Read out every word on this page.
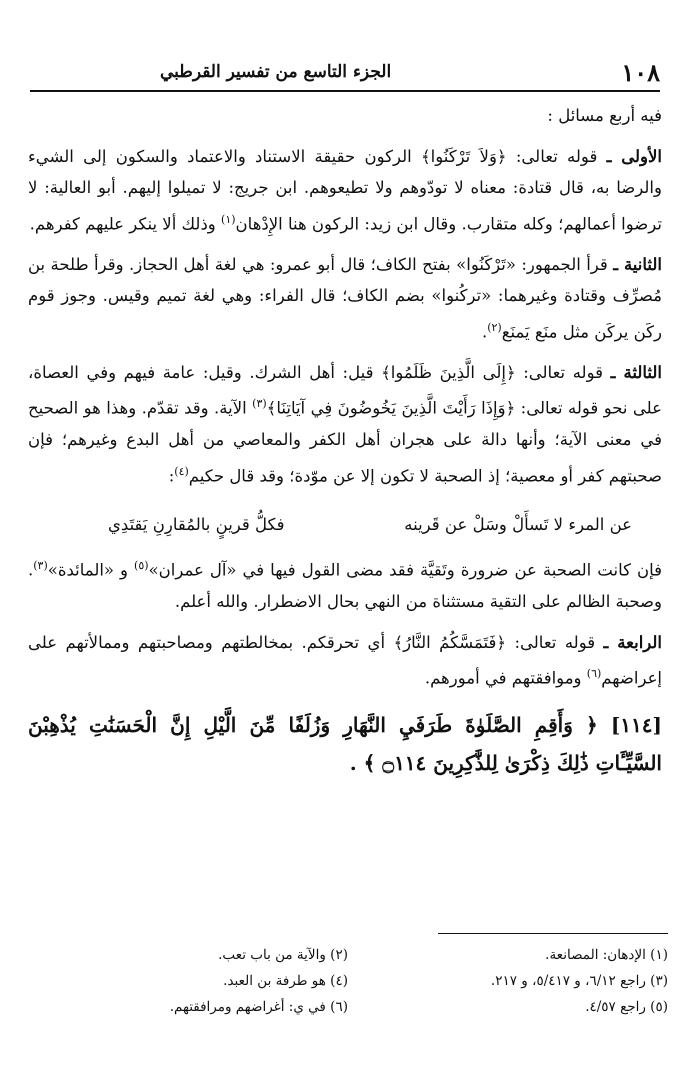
١٠٨
الجزء التاسع من تفسير القرطبي

فيه أربع مسائل :

الأولى ـ قوله تعالى: ﴿وَلاَ تَرْكَنُوا﴾ الركون حقيقة الاستناد والاعتماد والسكون إلى الشيء والرضا به، قال قتادة: معناه لا تودّوهم ولا تطيعوهم. ابن جريج: لا تميلوا إليهم. أبو العالية: لا ترضوا أعمالهم؛ وكله متقارب. وقال ابن زيد: الركون هنا الإِدْهان$^{(١)}$ وذلك ألا ينكر عليهم كفرهم.

الثانية ـ قرأ الجمهور: «تَرْكَنُوا» بفتح الكاف؛ قال أبو عمرو: هي لغة أهل الحجاز. وقرأ طلحة بن مُصرِّف وقتادة وغيرهما: «تركُنوا» بضم الكاف؛ قال الفراء: وهي لغة تميم وقيس. وجوز قوم ركَن يركَن مثل منَع يَمنَع$^{(٢)}$.

الثالثة ـ قوله تعالى: ﴿إِلَى الَّذِينَ ظَلَمُوا﴾ قيل: أهل الشرك. وقيل: عامة فيهم وفي العصاة، على نحو قوله تعالى: ﴿وَإِذَا رَأَيْتَ الَّذِينَ يَخُوضُونَ فِي آيَاتِنَا﴾$^{(٣)}$ الآية. وقد تقدّم. وهذا هو الصحيح في معنى الآية؛ وأنها دالة على هجران أهل الكفر والمعاصي من أهل البدع وغيرهم؛ فإن صحبتهم كفر أو معصية؛ إذ الصحبة لا تكون إلا عن موّدة؛ وقد قال حكيم$^{(٤)}$:

عن المرء لا تَسأَلْ وسَلْ عن قَرينه
فكلُّ قرينٍ بالمُقارِنِ يَقتَدِي

فإن كانت الصحبة عن ضرورة وتَقيَّة فقد مضى القول فيها في «آل عمران»$^{(٥)}$ و «المائدة»$^{(٣)}$. وصحبة الظالم على التقية مستثناة من النهي بحال الاضطرار. والله أعلم.

الرابعة ـ قوله تعالى: ﴿فَتَمَسَّكُمُ النَّارُ﴾ أي تحرقكم. بمخالطتهم ومصاحبتهم وممالأتهم على إعراضهم$^{(٦)}$ وموافقتهم في أمورهم.

[١١٤] ﴿ وَأَقِمِ الصَّلَوٰةَ طَرَفَيِ النَّهَارِ وَزُلَفًا مِّنَ الَّيْلِ إِنَّ الْحَسَنَٰتِ يُذْهِبْنَ السَّيِّـَٔاتِ ذَٰلِكَ ذِكْرَىٰ لِلذَّٰكِرِينَ ۝١١٤ ﴾ .

(١) الإدهان: المصانعة.
(٢) والآية من باب تعب.
(٣) راجع ٦/١٢، و ٥/٤١٧، و ٢١٧.
(٤) هو طرفة بن العبد.
(٥) راجع ٤/٥٧.
(٦) في ي: أغراضهم ومرافقتهم.
